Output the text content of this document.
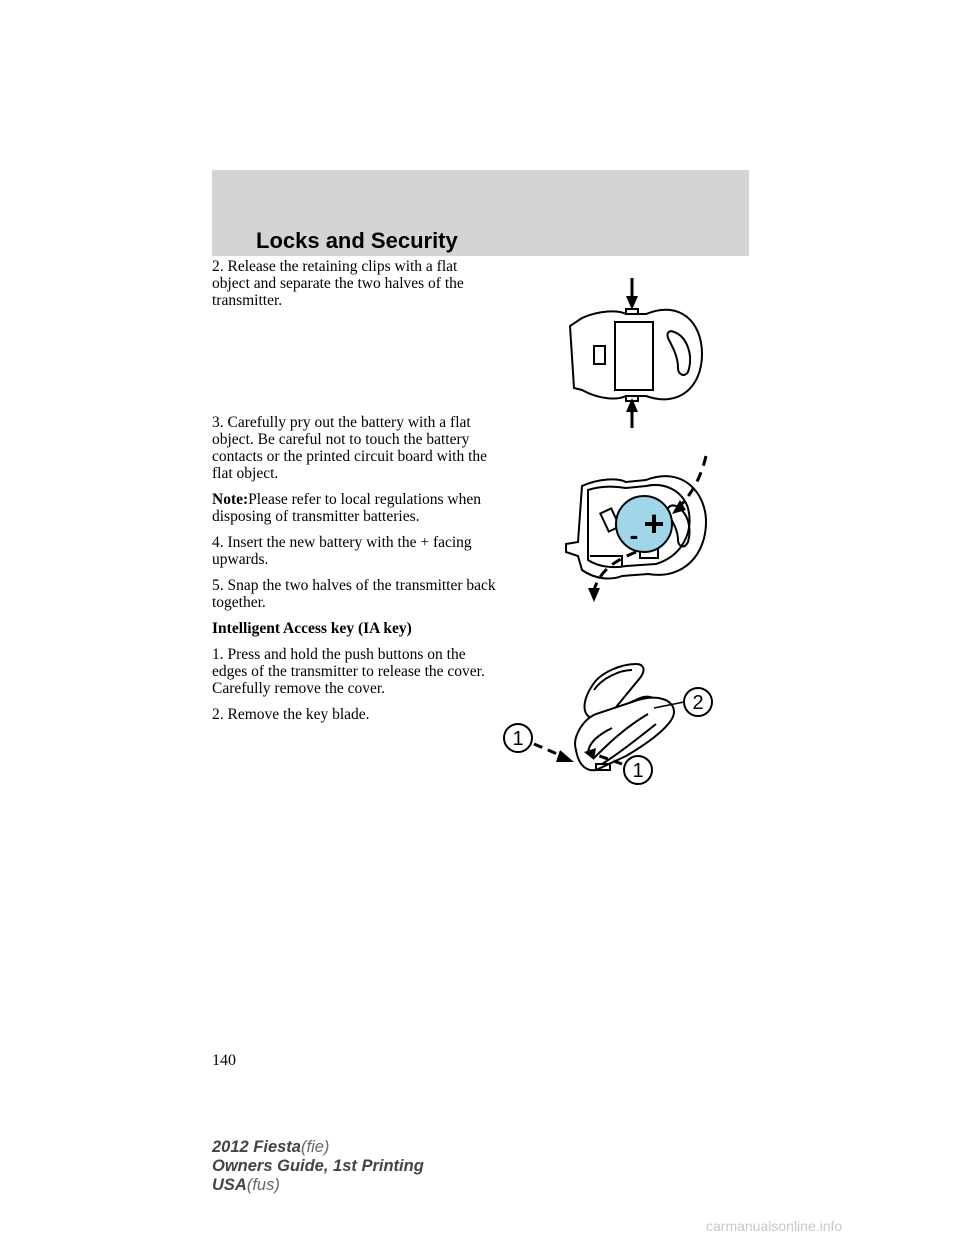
Locks and Security

2. Release the retaining clips with a flat object and separate the two halves of the transmitter.

3. Carefully pry out the battery with a flat object. Be careful not to touch the battery contacts or the printed circuit board with the flat object.

Note:Please refer to local regulations when disposing of transmitter batteries.

4. Insert the new battery with the + facing upwards.

5. Snap the two halves of the transmitter back together.

Intelligent Access key (IA key)

1. Press and hold the push buttons on the edges of the transmitter to release the cover. Carefully remove the cover.

2. Remove the key blade.

+
-
2
1
1
140
2012 Fiesta(fie)
Owners Guide, 1st Printing
USA(fus)
carmanualsonline.info
